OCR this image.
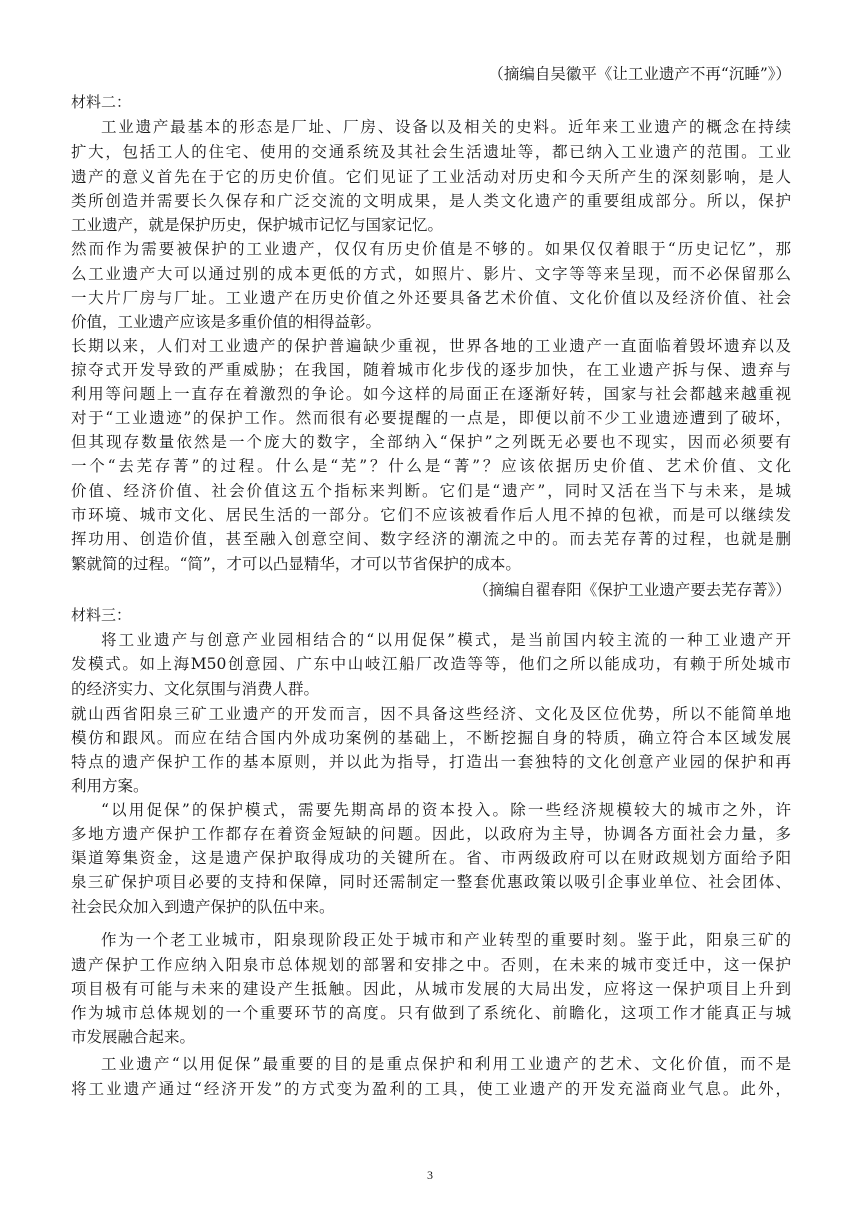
（摘编自吴徽平《让工业遗产不再“沉睡”》）
材料二：
工业遗产最基本的形态是厂址、厂房、设备以及相关的史料。近年来工业遗产的概念在持续
扩大，包括工人的住宅、使用的交通系统及其社会生活遗址等，都已纳入工业遗产的范围。工业
遗产的意义首先在于它的历史价值。它们见证了工业活动对历史和今天所产生的深刻影响，是人
类所创造并需要长久保存和广泛交流的文明成果，是人类文化遗产的重要组成部分。所以，保护
工业遗产，就是保护历史，保护城市记忆与国家记忆。
然而作为需要被保护的工业遗产，仅仅有历史价值是不够的。如果仅仅着眼于“历史记忆”，那
么工业遗产大可以通过别的成本更低的方式，如照片、影片、文字等等来呈现，而不必保留那么
一大片厂房与厂址。工业遗产在历史价值之外还要具备艺术价值、文化价值以及经济价值、社会
价值，工业遗产应该是多重价值的相得益彰。
长期以来，人们对工业遗产的保护普遍缺少重视，世界各地的工业遗产一直面临着毁坏遗弃以及
掠夺式开发导致的严重威胁；在我国，随着城市化步伐的逐步加快，在工业遗产拆与保、遗弃与
利用等问题上一直存在着激烈的争论。如今这样的局面正在逐渐好转，国家与社会都越来越重视
对于“工业遗迹”的保护工作。然而很有必要提醒的一点是，即便以前不少工业遗迹遭到了破坏，
但其现存数量依然是一个庞大的数字，全部纳入“保护”之列既无必要也不现实，因而必须要有
一个“去芜存菁”的过程。什么是“芜”？什么是“菁”？应该依据历史价值、艺术价值、文化
价值、经济价值、社会价值这五个指标来判断。它们是“遗产”，同时又活在当下与未来，是城
市环境、城市文化、居民生活的一部分。它们不应该被看作后人甩不掉的包袱，而是可以继续发
挥功用、创造价值，甚至融入创意空间、数字经济的潮流之中的。而去芜存菁的过程，也就是删
繁就简的过程。“简”，才可以凸显精华，才可以节省保护的成本。
（摘编自翟春阳《保护工业遗产要去芜存菁》）
材料三：
将工业遗产与创意产业园相结合的“以用促保”模式，是当前国内较主流的一种工业遗产开
发模式。如上海M50创意园、广东中山岐江船厂改造等等，他们之所以能成功，有赖于所处城市
的经济实力、文化氛围与消费人群。
就山西省阳泉三矿工业遗产的开发而言，因不具备这些经济、文化及区位优势，所以不能简单地
模仿和跟风。而应在结合国内外成功案例的基础上，不断挖掘自身的特质，确立符合本区域发展
特点的遗产保护工作的基本原则，并以此为指导，打造出一套独特的文化创意产业园的保护和再
利用方案。
“以用促保”的保护模式，需要先期高昂的资本投入。除一些经济规模较大的城市之外，许
多地方遗产保护工作都存在着资金短缺的问题。因此，以政府为主导，协调各方面社会力量，多
渠道筹集资金，这是遗产保护取得成功的关键所在。省、市两级政府可以在财政规划方面给予阳
泉三矿保护项目必要的支持和保障，同时还需制定一整套优惠政策以吸引企事业单位、社会团体、
社会民众加入到遗产保护的队伍中来。
作为一个老工业城市，阳泉现阶段正处于城市和产业转型的重要时刻。鉴于此，阳泉三矿的
遗产保护工作应纳入阳泉市总体规划的部署和安排之中。否则，在未来的城市变迁中，这一保护
项目极有可能与未来的建设产生抵触。因此，从城市发展的大局出发，应将这一保护项目上升到
作为城市总体规划的一个重要环节的高度。只有做到了系统化、前瞻化，这项工作才能真正与城
市发展融合起来。
工业遗产“以用促保”最重要的目的是重点保护和利用工业遗产的艺术、文化价值，而不是
将工业遗产通过“经济开发”的方式变为盈利的工具，使工业遗产的开发充溢商业气息。此外，
3
